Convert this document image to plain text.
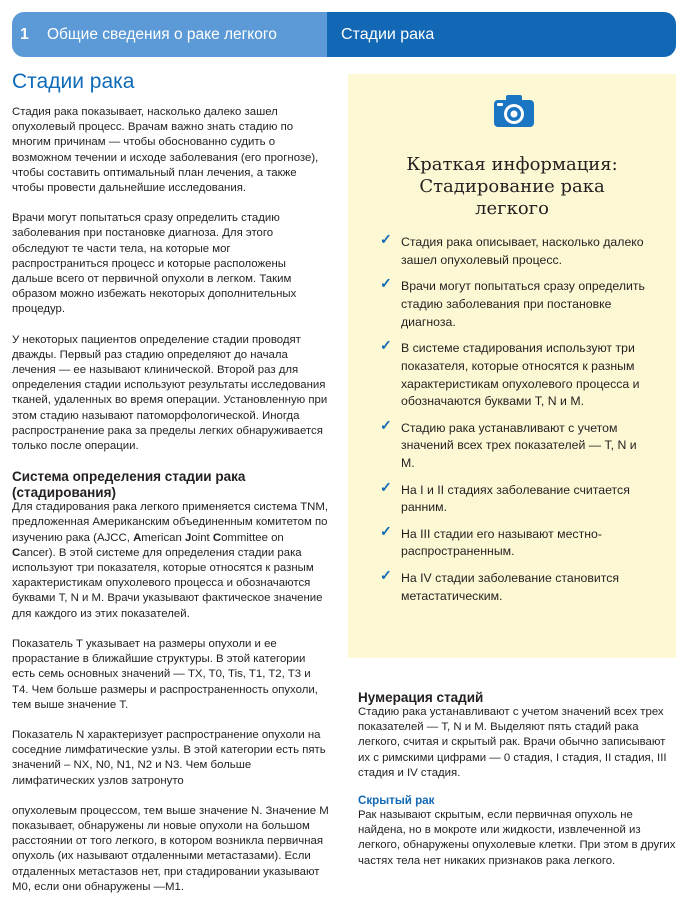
1	Общие сведения о раке легкого	Стадии рака
Стадии рака

Стадия рака показывает, насколько далеко зашел опухолевый процесс. Врачам важно знать стадию по многим причинам — чтобы обоснованно судить о возможном течении и исходе заболевания (его прогнозе), чтобы составить оптимальный план лечения, а также чтобы провести дальнейшие исследования.

Врачи могут попытаться сразу определить стадию заболевания при постановке диагноза. Для этого обследуют те части тела, на которые мог распространиться процесс и которые расположены дальше всего от первичной опухоли в легком. Таким образом можно избежать некоторых дополнительных процедур.

У некоторых пациентов определение стадии проводят дважды. Первый раз стадию определяют до начала лечения — ее называют клинической. Второй раз для определения стадии используют результаты исследования тканей, удаленных во время операции. Установленную при этом стадию называют патоморфологической. Иногда распространение рака за пределы легких обнаруживается только после операции.

Система определения стадии рака (стадирования)

Для стадирования рака легкого применяется система TNM, предложенная Американским объединенным комитетом по изучению рака (AJCC, American Joint Committee on Cancer). В этой системе для определения стадии рака используют три показателя, которые относятся к разным характеристикам опухолевого процесса и обозначаются буквами T, N и M. Врачи указывают фактическое значение для каждого из этих показателей.

Показатель T указывает на размеры опухоли и ее прорастание в ближайшие структуры. В этой категории есть семь основных значений — TX, T0, Tis, T1, T2, T3 и T4. Чем больше размеры и распространенность опухоли, тем выше значение T.

Показатель N характеризует распространение опухоли на соседние лимфатические узлы. В этой категории есть пять значений – NX, N0, N1, N2 и N3. Чем больше лимфатических узлов затронуто

опухолевым процессом, тем выше значение N. Значение M показывает, обнаружены ли новые опухоли на большом расстоянии от того легкого, в котором возникла первичная опухоль (их называют отдаленными метастазами). Если отдаленных метастазов нет, при стадировании указывают M0, если они обнаружены —M1.

Краткая информация:
Стадирование рака
легкого
✓ Стадия рака описывает, насколько далеко зашел опухолевый процесс.
✓ Врачи могут попытаться сразу определить стадию заболевания при постановке диагноза.
✓ В системе стадирования используют три показателя, которые относятся к разным характеристикам опухолевого процесса и обозначаются буквами T, N и M.
✓ Стадию рака устанавливают с учетом значений всех трех показателей — T, N и M.
✓ На I и II стадиях заболевание считается ранним.
✓ На III стадии его называют местно-распространенным.
✓ На IV стадии заболевание становится метастатическим.
Нумерация стадий

Стадию рака устанавливают с учетом значений всех трех показателей — T, N и M. Выделяют пять стадий рака легкого, считая и скрытый рак. Врачи обычно записывают их с римскими цифрами — 0 стадия, I стадия, II стадия, III стадия и IV стадия.

Скрытый рак

Рак называют скрытым, если первичная опухоль не найдена, но в мокроте или жидкости, извлеченной из легкого, обнаружены опухолевые клетки. При этом в других частях тела нет никаких признаков рака легкого.
